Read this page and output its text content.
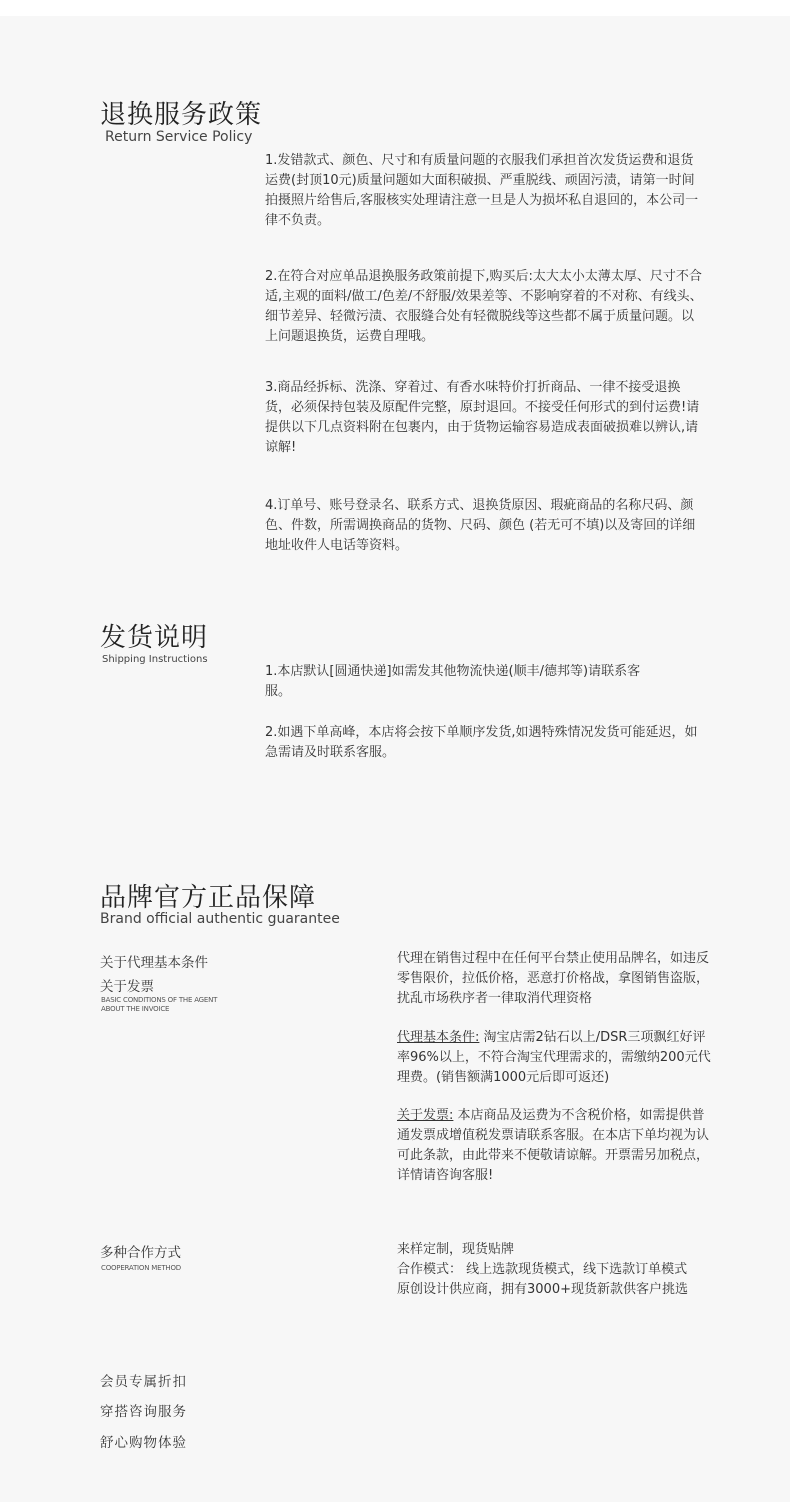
退换服务政策
Return Service Policy

1.发错款式、颜色、尺寸和有质量问题的衣服我们承担首次发货运费和退货运费(封顶10元)质量问题如大面积破损、严重脱线、顽固污渍，请第一时间拍摄照片给售后,客服核实处理请注意一旦是人为损坏私自退回的，本公司一律不负责。

2.在符合对应单品退换服务政策前提下,购买后:太大太小太薄太厚、尺寸不合适,主观的面料/做工/色差/不舒服/效果差等、不影响穿着的不对称、有线头、细节差异、轻微污渍、衣服缝合处有轻微脱线等这些都不属于质量问题。以上问题退换货，运费自理哦。

3.商品经拆标、洗涤、穿着过、有香水味特价打折商品、一律不接受退换货，必须保持包装及原配件完整，原封退回。不接受任何形式的到付运费!请提供以下几点资料附在包裹内，由于货物运输容易造成表面破损难以辨认,请谅解!

4.订单号、账号登录名、联系方式、退换货原因、瑕疵商品的名称尺码、颜色、件数，所需调换商品的货物、尺码、颜色 (若无可不填)以及寄回的详细地址收件人电话等资料。

发货说明
Shipping Instructions

1.本店默认[圆通快递]如需发其他物流快递(顺丰/德邦等)请联系客服。

2.如遇下单高峰，本店将会按下单顺序发货,如遇特殊情况发货可能延迟，如急需请及时联系客服。

品牌官方正品保障
Brand official authentic guarantee
关于代理基本条件
关于发票
BASIC CONDITIONS OF THE AGENT
ABOUT THE INVOICE

代理在销售过程中在任何平台禁止使用品牌名，如违反零售限价，拉低价格，恶意打价格战，拿图销售盗版，扰乱市场秩序者一律取消代理资格

代理基本条件: 淘宝店需2钻石以上/DSR三项飘红好评率96%以上，不符合淘宝代理需求的，需缴纳200元代理费。(销售额满1000元后即可返还)

关于发票: 本店商品及运费为不含税价格，如需提供普通发票成增值税发票请联系客服。在本店下单均视为认可此条款，由此带来不便敬请谅解。开票需另加税点，详情请咨询客服!

多种合作方式
COOPERATION METHOD

来样定制，现货贴牌

合作模式： 线上选款现货模式，线下选款订单模式

原创设计供应商，拥有3000+现货新款供客户挑选

会员专属折扣
穿搭咨询服务
舒心购物体验
